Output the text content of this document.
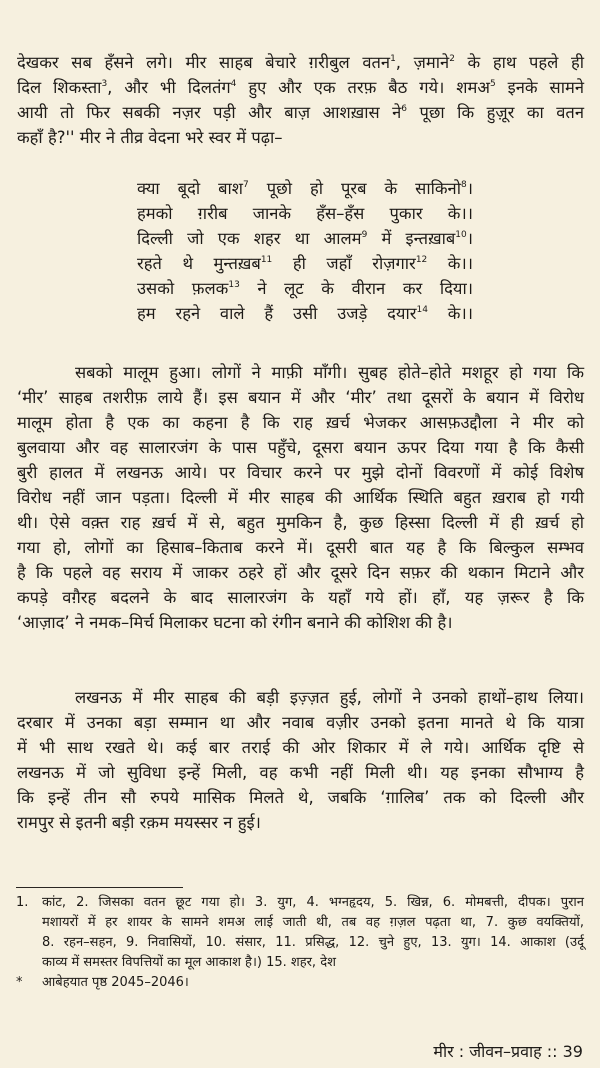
देखकर सब हँसने लगे। मीर साहब बेचारे ग़रीबुल वतन$^1$, ज़माने$^2$ के हाथ पहले ही
दिल शिकस्ता$^3$, और भी दिलतंग$^4$ हुए और एक तरफ़ बैठ गये। शमअ$^5$ इनके सामने
आयी तो फिर सबकी नज़र पड़ी और बाज़ आशख़ास ने$^6$ पूछा कि हुज़ूर का वतन
कहाँ है?'' मीर ने तीव्र वेदना भरे स्वर में पढ़ा–
क्या बूदो बाश$^7$ पूछो हो पूरब के साकिनो$^8$।
हमको ग़रीब जानके हँस–हँस पुकार के।।
दिल्ली जो एक शहर था आलम$^9$ में इन्तख़ाब$^{10}$।
रहते थे मुन्तख़ब$^{11}$ ही जहाँ रोज़गार$^{12}$ के।।
उसको फ़लक$^{13}$ ने लूट के वीरान कर दिया।
हम रहने वाले हैं उसी उजड़े दयार$^{14}$ के।।
सबको मालूम हुआ। लोगों ने माफ़ी माँगी। सुबह होते–होते मशहूर हो गया कि
‘मीर’ साहब तशरीफ़ लाये हैं। इस बयान में और ‘मीर’ तथा दूसरों के बयान में विरोध
मालूम होता है एक का कहना है कि राह ख़र्च भेजकर आसफ़उद्दौला ने मीर को
बुलवाया और वह सालारजंग के पास पहुँचे, दूसरा बयान ऊपर दिया गया है कि कैसी
बुरी हालत में लखनऊ आये। पर विचार करने पर मुझे दोनों विवरणों में कोई विशेष
विरोध नहीं जान पड़ता। दिल्ली में मीर साहब की आर्थिक स्थिति बहुत ख़राब हो गयी
थी। ऐसे वक़्त राह ख़र्च में से, बहुत मुमकिन है, कुछ हिस्सा दिल्ली में ही ख़र्च हो
गया हो, लोगों का हिसाब–किताब करने में। दूसरी बात यह है कि बिल्कुल सम्भव
है कि पहले वह सराय में जाकर ठहरे हों और दूसरे दिन सफ़र की थकान मिटाने और
कपड़े वग़ैरह बदलने के बाद सालारजंग के यहाँ गये हों। हाँ, यह ज़रूर है कि
‘आज़ाद’ ने नमक–मिर्च मिलाकर घटना को रंगीन बनाने की कोशिश की है।
लखनऊ में मीर साहब की बड़ी इज़्ज़त हुई, लोगों ने उनको हाथों–हाथ लिया।
दरबार में उनका बड़ा सम्मान था और नवाब वज़ीर उनको इतना मानते थे कि यात्रा
में भी साथ रखते थे। कई बार तराई की ओर शिकार में ले गये। आर्थिक दृष्टि से
लखनऊ में जो सुविधा इन्हें मिली, वह कभी नहीं मिली थी। यह इनका सौभाग्य है
कि इन्हें तीन सौ रुपये मासिक मिलते थे, जबकि ‘ग़ालिब’ तक को दिल्ली और
रामपुर से इतनी बड़ी रक़म मयस्सर न हुई।
1. कांट, 2. जिसका वतन छूट गया हो। 3. युग, 4. भग्नहृदय, 5. खिन्न, 6. मोमबत्ती, दीपक। पुरान
मशायरों में हर शायर के सामने शमअ लाई जाती थी, तब वह ग़ज़ल पढ़ता था, 7. कुछ वयक्तियों,
8. रहन–सहन, 9. निवासियों, 10. संसार, 11. प्रसिद्ध, 12. चुने हुए, 13. युग। 14. आकाश (उर्दू
काव्य में समस्तर विपत्तियों का मूल आकाश है।) 15. शहर, देश
* आबेहयात पृष्ठ 2045–2046।
मीर : जीवन–प्रवाह :: 39
